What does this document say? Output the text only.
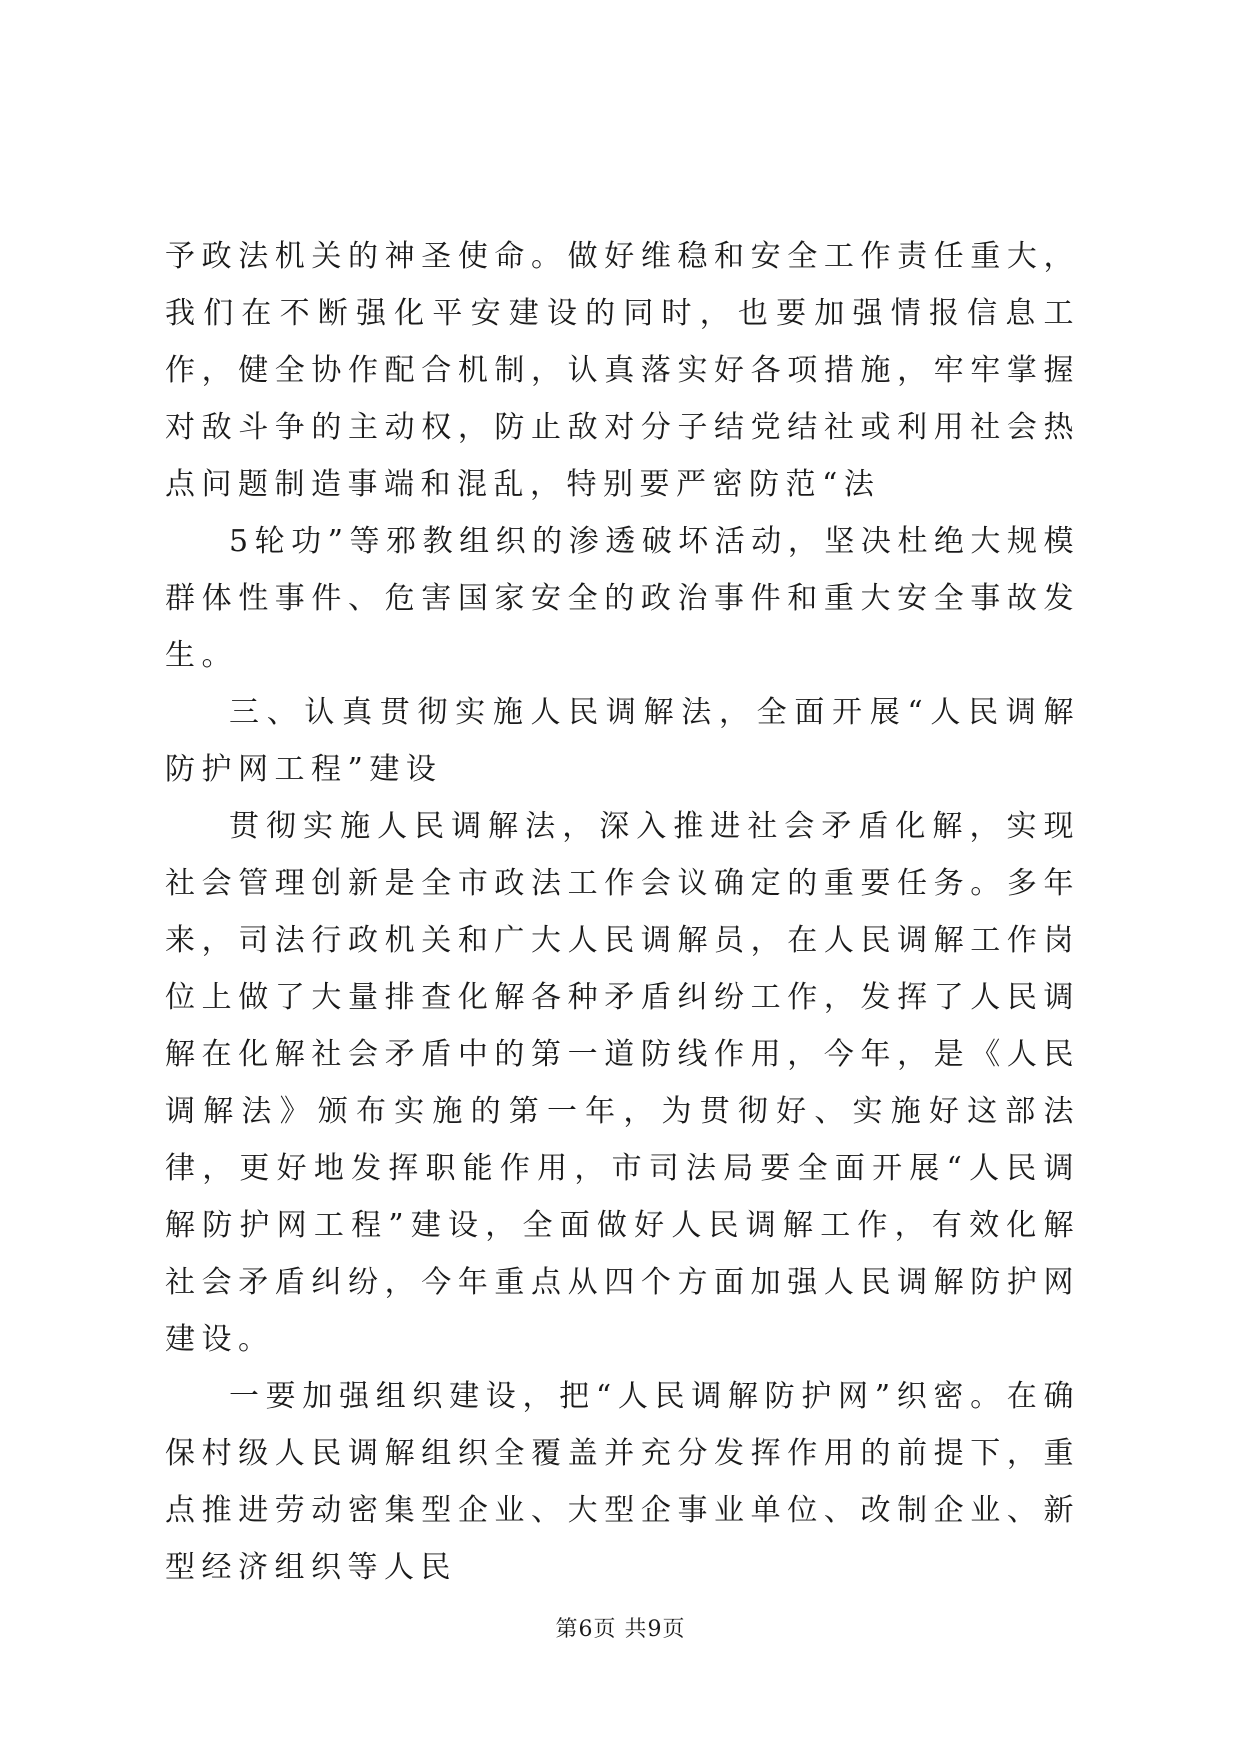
予政法机关的神圣使命。做好维稳和安全工作责任重大，我们在不断强化平安建设的同时，也要加强情报信息工作，健全协作配合机制，认真落实好各项措施，牢牢掌握对敌斗争的主动权，防止敌对分子结党结社或利用社会热点问题制造事端和混乱，特别要严密防范“法

5轮功”等邪教组织的渗透破坏活动，坚决杜绝大规模群体性事件、危害国家安全的政治事件和重大安全事故发生。

三、认真贯彻实施人民调解法，全面开展“人民调解防护网工程”建设

贯彻实施人民调解法，深入推进社会矛盾化解，实现社会管理创新是全市政法工作会议确定的重要任务。多年来，司法行政机关和广大人民调解员，在人民调解工作岗位上做了大量排查化解各种矛盾纠纷工作，发挥了人民调解在化解社会矛盾中的第一道防线作用，今年，是《人民调解法》颁布实施的第一年，为贯彻好、实施好这部法律，更好地发挥职能作用，市司法局要全面开展“人民调解防护网工程”建设，全面做好人民调解工作，有效化解社会矛盾纠纷，今年重点从四个方面加强人民调解防护网建设。

一要加强组织建设，把“人民调解防护网”织密。在确保村级人民调解组织全覆盖并充分发挥作用的前提下，重点推进劳动密集型企业、大型企事业单位、改制企业、新型经济组织等人民

第6页 共9页
